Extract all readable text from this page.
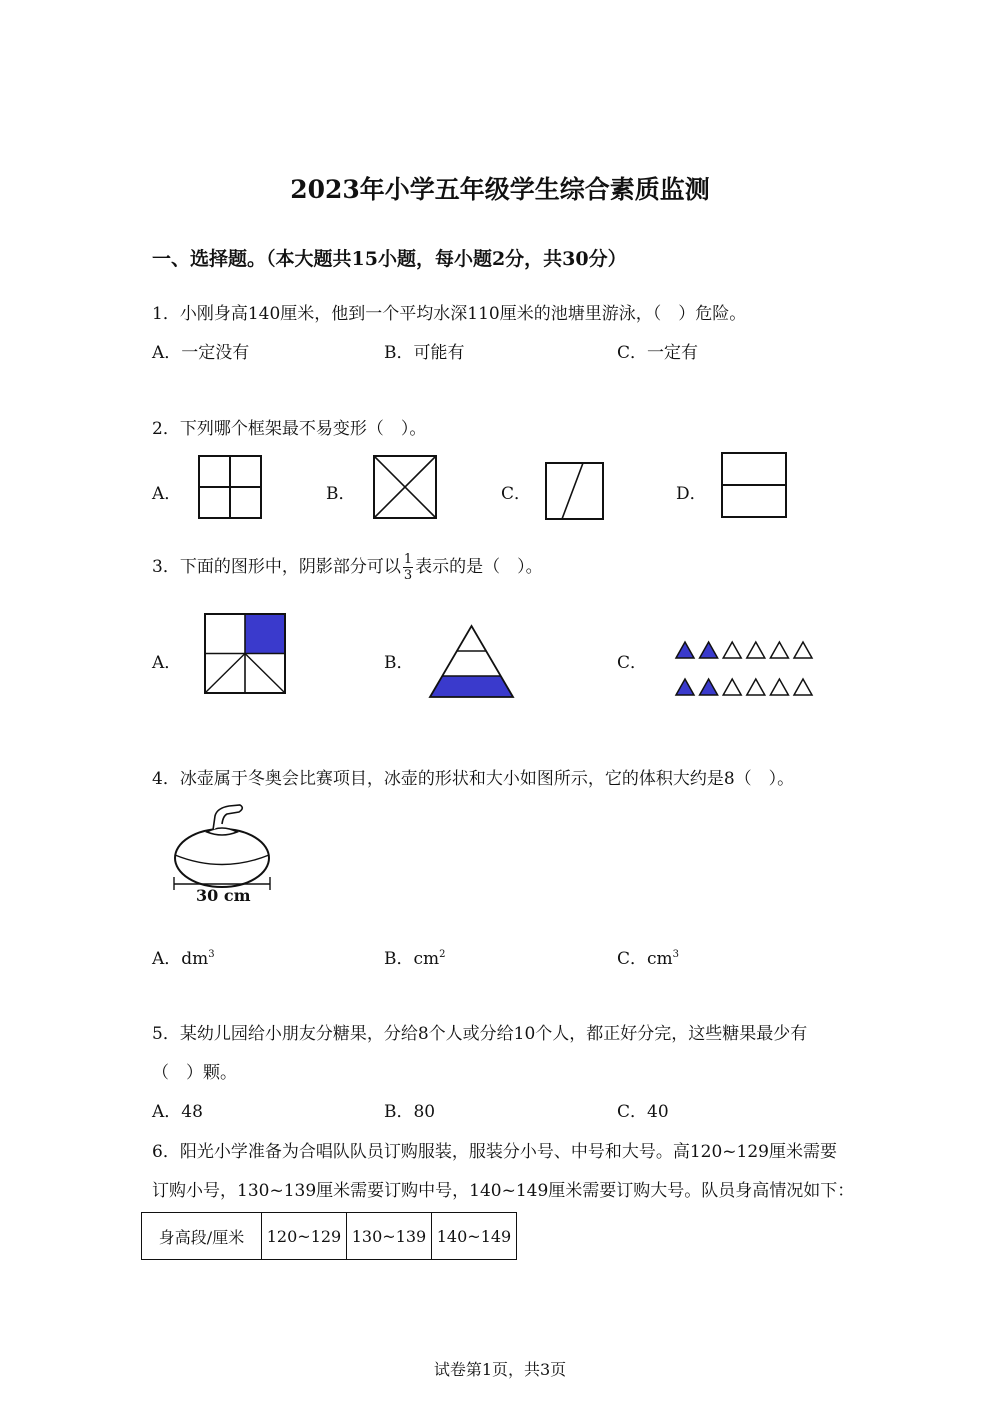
2023年小学五年级学生综合素质监测
一、选择题。（本大题共15小题，每小题2分，共30分）
1．小刚身高140厘米，他到一个平均水深110厘米的池塘里游泳，（　）危险。
A．一定没有	B．可能有	C．一定有
2．下列哪个框架最不易变形（　）。
A．	B．	C．	D．
3．下面的图形中，阴影部分可以 $\frac{1}{3}$ 表示的是（　）。
A．	B．	C．
4．冰壶属于冬奥会比赛项目，冰壶的形状和大小如图所示，它的体积大约是8（　）。
30 cm
A．$dm^3$	B．$cm^2$	C．$cm^3$
5．某幼儿园给小朋友分糖果，分给8个人或分给10个人，都正好分完，这些糖果最少有
（　）颗。
A．48	B．80	C．40
6．阳光小学准备为合唱队队员订购服装，服装分小号、中号和大号。高120~129厘米需要
订购小号，130~139厘米需要订购中号，140~149厘米需要订购大号。队员身高情况如下：
身高段/厘米	120~129	130~139	140~149
试卷第1页，共3页
